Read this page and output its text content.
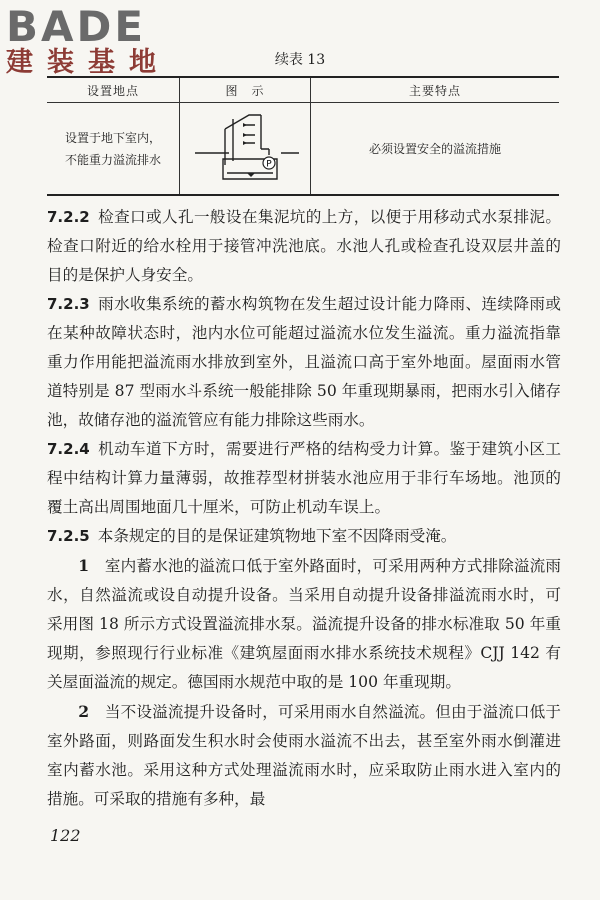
BADE
建装基地	续表 13
设置地点	图　示	主要特点
设置于地下室内，
不能重力溢流排水	P	必须设置安全的溢流措施

7.2.2 检查口或人孔一般设在集泥坑的上方，以便于用移动式水泵排泥。检查口附近的给水栓用于接管冲洗池底。水池人孔或检查孔设双层井盖的目的是保护人身安全。

7.2.3 雨水收集系统的蓄水构筑物在发生超过设计能力降雨、连续降雨或在某种故障状态时，池内水位可能超过溢流水位发生溢流。重力溢流指靠重力作用能把溢流雨水排放到室外，且溢流口高于室外地面。屋面雨水管道特别是 87 型雨水斗系统一般能排除 50 年重现期暴雨，把雨水引入储存池，故储存池的溢流管应有能力排除这些雨水。

7.2.4 机动车道下方时，需要进行严格的结构受力计算。鉴于建筑小区工程中结构计算力量薄弱，故推荐型材拼装水池应用于非行车场地。池顶的覆土高出周围地面几十厘米，可防止机动车误上。

7.2.5 本条规定的目的是保证建筑物地下室不因降雨受淹。

1　 室内蓄水池的溢流口低于室外路面时，可采用两种方式排除溢流雨水，自然溢流或设自动提升设备。当采用自动提升设备排溢流雨水时，可采用图 18 所示方式设置溢流排水泵。溢流提升设备的排水标准取 50 年重现期，参照现行行业标准《建筑屋面雨水排水系统技术规程》CJJ 142 有关屋面溢流的规定。德国雨水规范中取的是 100 年重现期。

2　 当不设溢流提升设备时，可采用雨水自然溢流。但由于溢流口低于室外路面，则路面发生积水时会使雨水溢流不出去，甚至室外雨水倒灌进室内蓄水池。采用这种方式处理溢流雨水时，应采取防止雨水进入室内的措施。可采取的措施有多种，最

122
